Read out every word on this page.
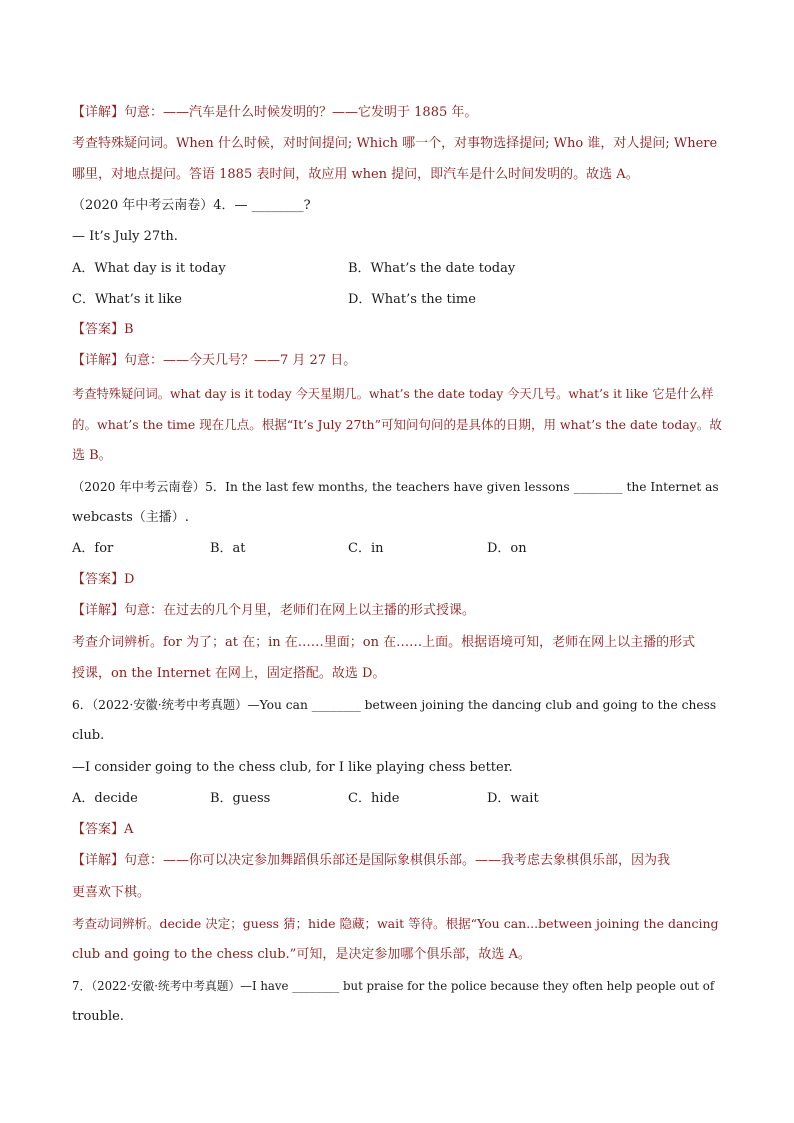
【详解】句意：——汽车是什么时候发明的？——它发明于 1885 年。
考查特殊疑问词。When 什么时候，对时间提问; Which 哪一个，对事物选择提问; Who 谁，对人提问; Where
哪里，对地点提问。答语 1885 表时间，故应用 when 提问，即汽车是什么时间发明的。故选 A。
（2020 年中考云南卷）4．— ________?
— It’s July 27th.
A．What day is it today	B．What’s the date today
C．What’s it like	D．What’s the time
【答案】B
【详解】句意：——今天几号？——7 月 27 日。
考查特殊疑问词。what day is it today 今天星期几。what’s the date today 今天几号。what’s it like 它是什么样
的。what’s the time 现在几点。根据“It’s July 27th”可知问句问的是具体的日期，用 what’s the date today。故
选 B。
（2020 年中考云南卷）5．In the last few months, the teachers have given lessons ________ the Internet as
webcasts（主播）.
A．for	B．at	C．in	D．on
【答案】D
【详解】句意：在过去的几个月里，老师们在网上以主播的形式授课。
考查介词辨析。for 为了；at 在；in 在……里面；on 在……上面。根据语境可知，老师在网上以主播的形式
授课，on the Internet 在网上，固定搭配。故选 D。
6．（2022·安徽·统考中考真题）—You can ________ between joining the dancing club and going to the chess
club.
—I consider going to the chess club, for I like playing chess better.
A．decide	B．guess	C．hide	D．wait
【答案】A
【详解】句意：——你可以决定参加舞蹈俱乐部还是国际象棋俱乐部。——我考虑去象棋俱乐部，因为我
更喜欢下棋。
考查动词辨析。decide 决定；guess 猜；hide 隐藏；wait 等待。根据“You can...between joining the dancing
club and going to the chess club.”可知，是决定参加哪个俱乐部，故选 A。
7．（2022·安徽·统考中考真题）—I have ________ but praise for the police because they often help people out of
trouble.
